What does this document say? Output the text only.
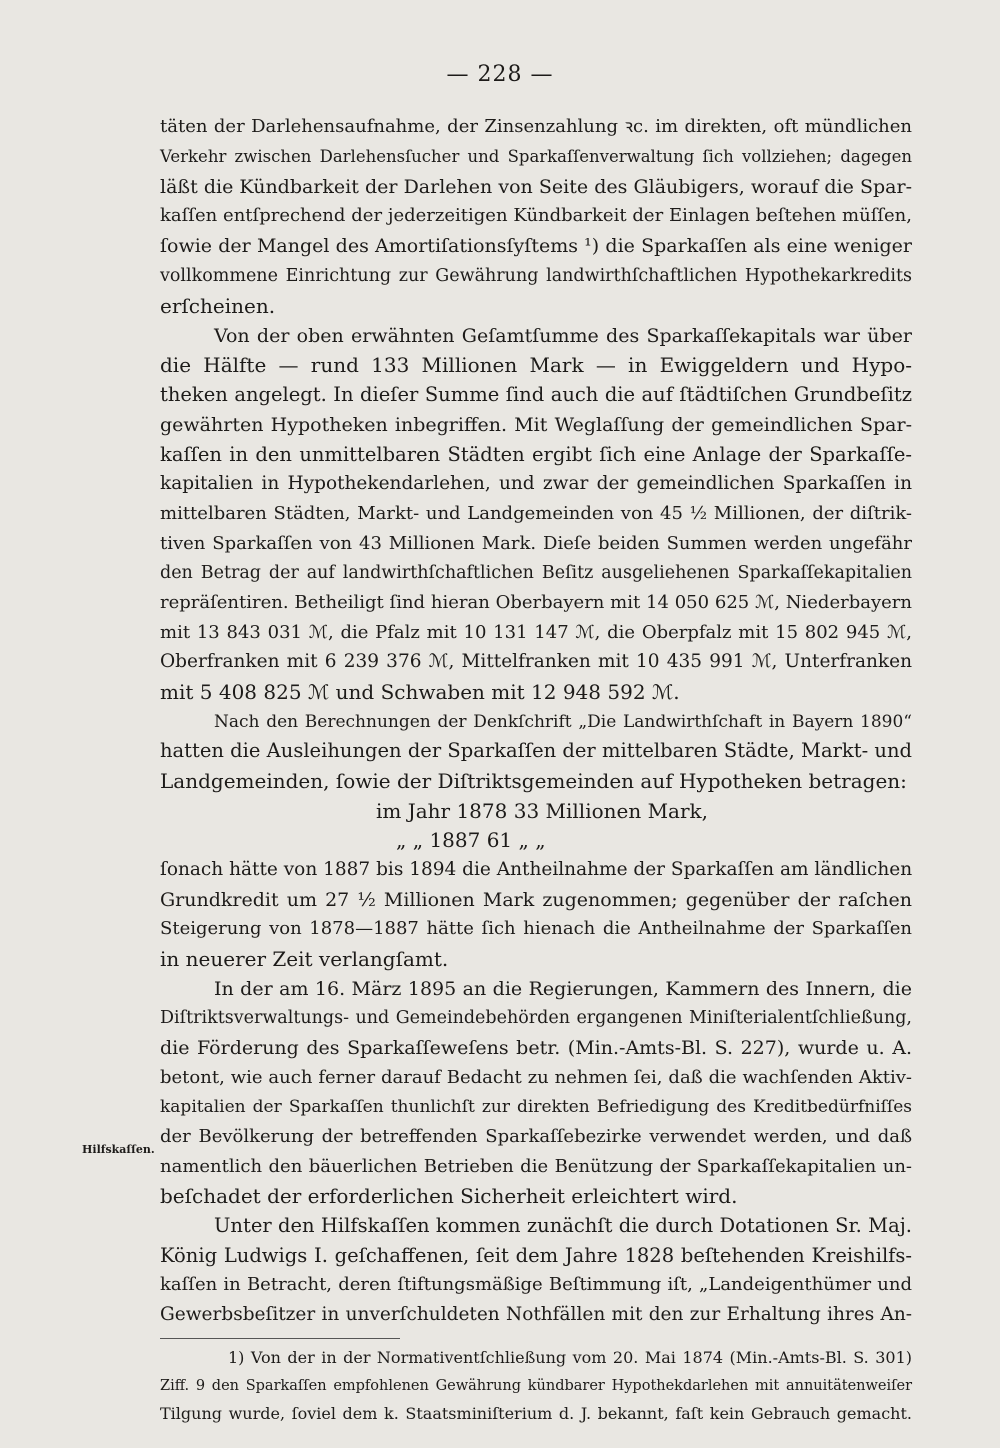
— 228 —
täten der Darlehensaufnahme, der Zinsenzahlung ꝛc. im direkten, oft mündlichen
Verkehr zwischen Darlehensſucher und Sparkaſſenverwaltung ſich vollziehen; dagegen
läßt die Kündbarkeit der Darlehen von Seite des Gläubigers, worauf die Spar-
kaſſen entſprechend der jederzeitigen Kündbarkeit der Einlagen beſtehen müſſen,
ſowie der Mangel des Amortiſationsſyſtems ¹) die Sparkaſſen als eine weniger
vollkommene Einrichtung zur Gewährung landwirthſchaftlichen Hypothekarkredits
erſcheinen.
Von der oben erwähnten Geſamtſumme des Sparkaſſekapitals war über
die Hälfte — rund 133 Millionen Mark — in Ewiggeldern und Hypo-
theken angelegt. In dieſer Summe ſind auch die auf ſtädtiſchen Grundbeſitz
gewährten Hypotheken inbegriffen. Mit Weglaſſung der gemeindlichen Spar-
kaſſen in den unmittelbaren Städten ergibt ſich eine Anlage der Sparkaſſe-
kapitalien in Hypothekendarlehen, und zwar der gemeindlichen Sparkaſſen in
mittelbaren Städten, Markt- und Landgemeinden von 45 ½ Millionen, der diſtrik-
tiven Sparkaſſen von 43 Millionen Mark. Dieſe beiden Summen werden ungefähr
den Betrag der auf landwirthſchaftlichen Beſitz ausgeliehenen Sparkaſſekapitalien
repräſentiren. Betheiligt ſind hieran Oberbayern mit 14 050 625 ℳ, Niederbayern
mit 13 843 031 ℳ, die Pfalz mit 10 131 147 ℳ, die Oberpfalz mit 15 802 945 ℳ,
Oberfranken mit 6 239 376 ℳ, Mittelfranken mit 10 435 991 ℳ, Unterfranken
mit 5 408 825 ℳ und Schwaben mit 12 948 592 ℳ.
Nach den Berechnungen der Denkſchrift „Die Landwirthſchaft in Bayern 1890“
hatten die Ausleihungen der Sparkaſſen der mittelbaren Städte, Markt- und
Landgemeinden, ſowie der Diſtriktsgemeinden auf Hypotheken betragen:
im Jahr 1878 33 Millionen Mark,
„ „ 1887 61 „ „
ſonach hätte von 1887 bis 1894 die Antheilnahme der Sparkaſſen am ländlichen
Grundkredit um 27 ½ Millionen Mark zugenommen; gegenüber der raſchen
Steigerung von 1878—1887 hätte ſich hienach die Antheilnahme der Sparkaſſen
in neuerer Zeit verlangſamt.
In der am 16. März 1895 an die Regierungen, Kammern des Innern, die
Diſtriktsverwaltungs- und Gemeindebehörden ergangenen Miniſterialentſchließung,
die Förderung des Sparkaſſeweſens betr. (Min.-Amts-Bl. S. 227), wurde u. A.
betont, wie auch ferner darauf Bedacht zu nehmen ſei, daß die wachſenden Aktiv-
kapitalien der Sparkaſſen thunlichſt zur direkten Befriedigung des Kreditbedürfniſſes
der Bevölkerung der betreffenden Sparkaſſebezirke verwendet werden, und daß
namentlich den bäuerlichen Betrieben die Benützung der Sparkaſſekapitalien un-
beſchadet der erforderlichen Sicherheit erleichtert wird.
Hilfskaſſen.
Unter den Hilfskaſſen kommen zunächſt die durch Dotationen Sr. Maj.
König Ludwigs I. geſchaffenen, ſeit dem Jahre 1828 beſtehenden Kreishilfs-
kaſſen in Betracht, deren ſtiftungsmäßige Beſtimmung iſt, „Landeigenthümer und
Gewerbsbeſitzer in unverſchuldeten Nothfällen mit den zur Erhaltung ihres An-
1) Von der in der Normativentſchließung vom 20. Mai 1874 (Min.-Amts-Bl. S. 301)
Ziff. 9 den Sparkaſſen empfohlenen Gewährung kündbarer Hypothekdarlehen mit annuitätenweiſer
Tilgung wurde, ſoviel dem k. Staatsminiſterium d. J. bekannt, faſt kein Gebrauch gemacht.
